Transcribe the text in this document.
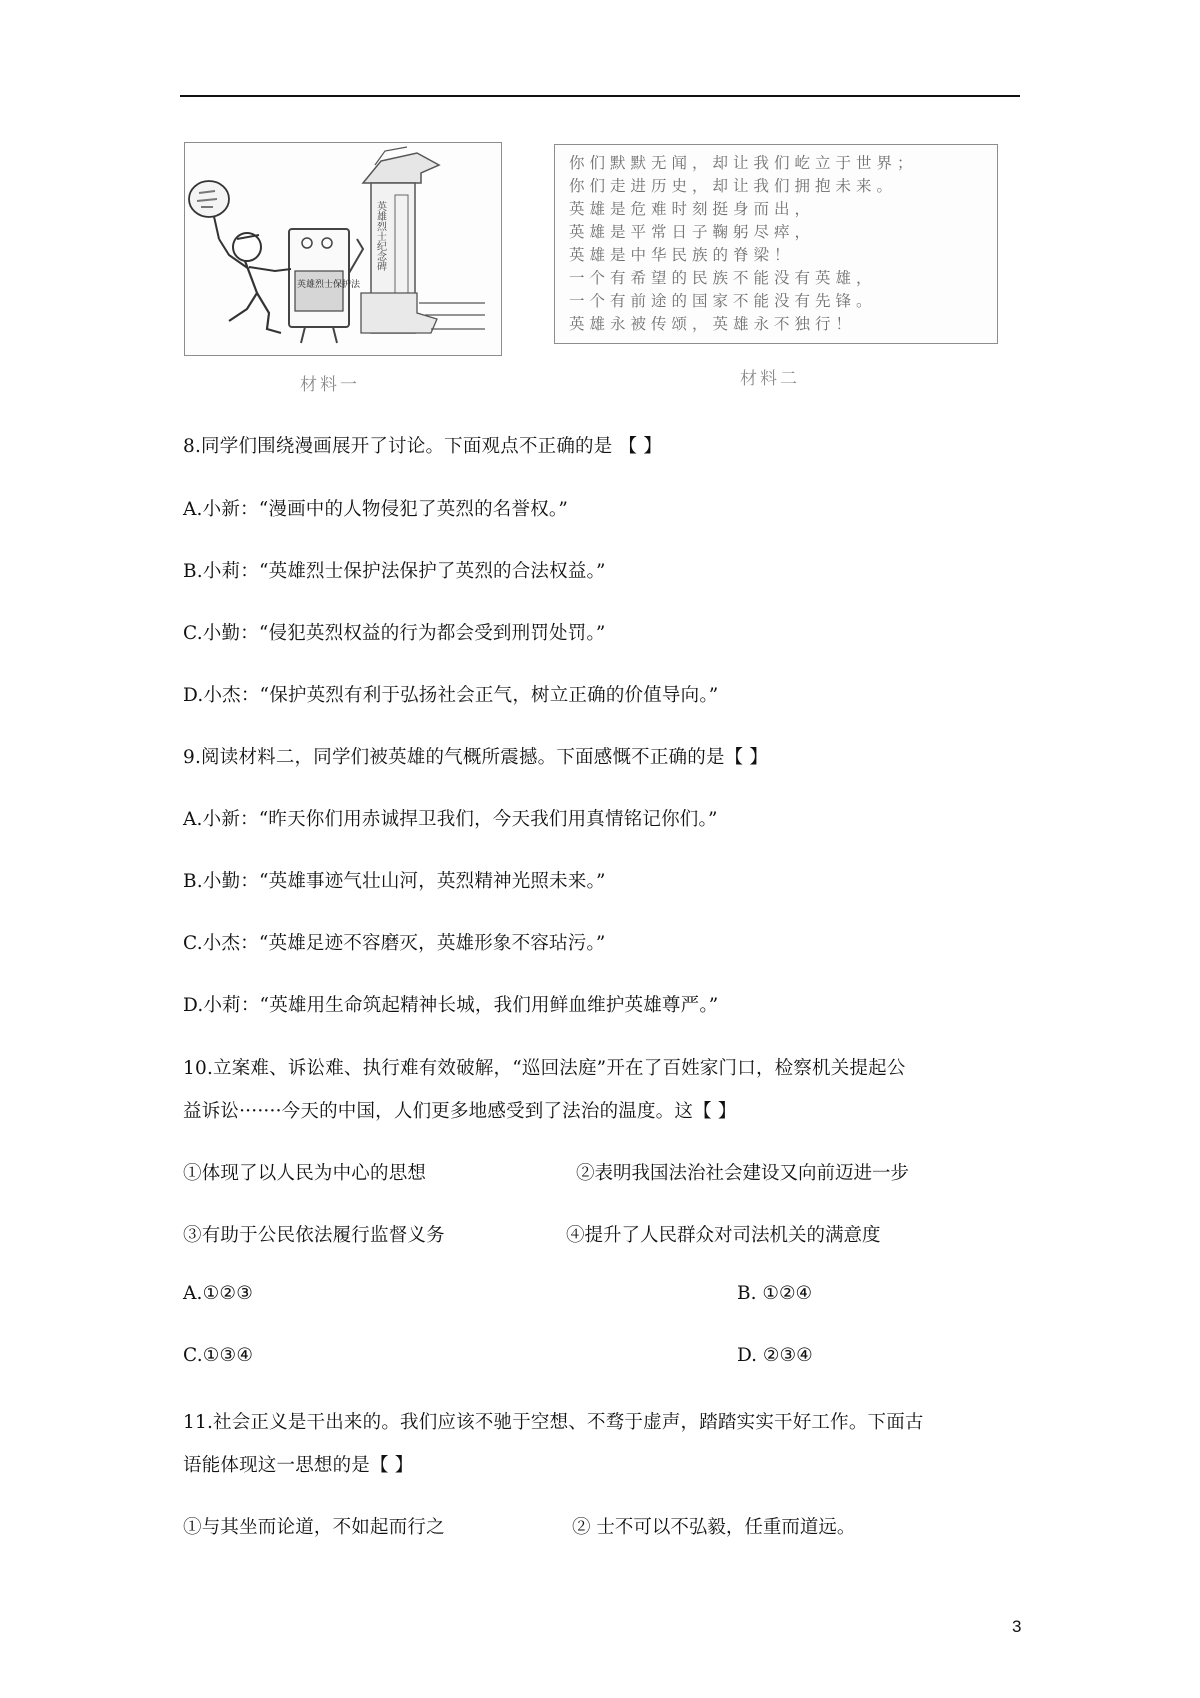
英雄烈士纪念碑
英雄烈士保护法
你们默默无闻，却让我们屹立于世界；
你们走进历史，却让我们拥抱未来。
英雄是危难时刻挺身而出，
英雄是平常日子鞠躬尽瘁，
英雄是中华民族的脊梁！
一个有希望的民族不能没有英雄，
一个有前途的国家不能没有先锋。
英雄永被传颂，英雄永不独行！
材料一	材料二
8.同学们围绕漫画展开了讨论。下面观点不正确的是 【 】
A.小新：“漫画中的人物侵犯了英烈的名誉权。”
B.小莉：“英雄烈士保护法保护了英烈的合法权益。”
C.小勤：“侵犯英烈权益的行为都会受到刑罚处罚。”
D.小杰：“保护英烈有利于弘扬社会正气，树立正确的价值导向。”
9.阅读材料二，同学们被英雄的气概所震撼。下面感慨不正确的是【 】
A.小新：“昨天你们用赤诚捍卫我们，今天我们用真情铭记你们。”
B.小勤：“英雄事迹气壮山河，英烈精神光照未来。”
C.小杰：“英雄足迹不容磨灭，英雄形象不容玷污。”
D.小莉：“英雄用生命筑起精神长城，我们用鲜血维护英雄尊严。”
10.立案难、诉讼难、执行难有效破解，“巡回法庭”开在了百姓家门口，检察机关提起公
益诉讼·······今天的中国，人们更多地感受到了法治的温度。这【 】
①体现了以人民为中心的思想	②表明我国法治社会建设又向前迈进一步
③有助于公民依法履行监督义务	④提升了人民群众对司法机关的满意度
A.①②③	B. ①②④
C.①③④	D. ②③④
11.社会正义是干出来的。我们应该不驰于空想、不骛于虚声，踏踏实实干好工作。下面古
语能体现这一思想的是【 】
①与其坐而论道，不如起而行之	② 士不可以不弘毅，任重而道远。
3
